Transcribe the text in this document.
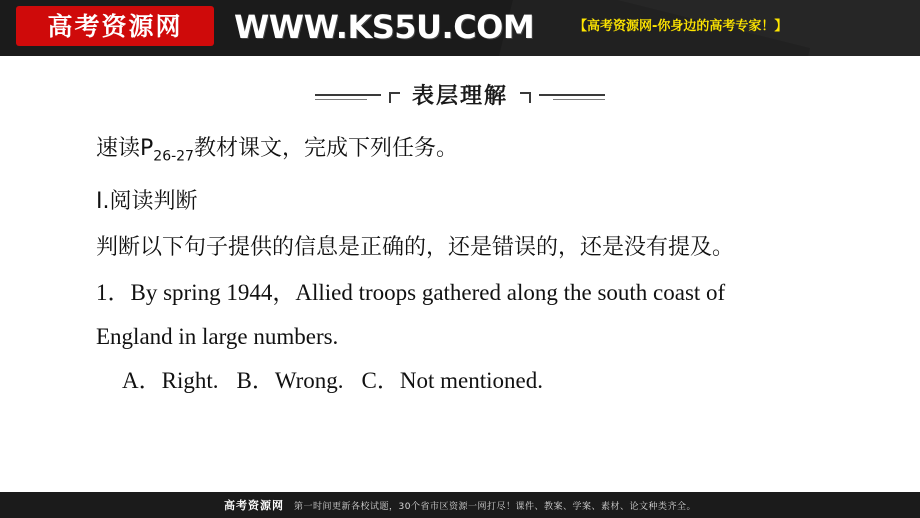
高考资源网 WWW.KS5U.COM	【高考资源网-你身边的高考专家！】
表层理解
速读$P_{26-27}$教材课文，完成下列任务。
Ⅰ.阅读判断
判断以下句子提供的信息是正确的，还是错误的，还是没有提及。
1．By spring 1944，Allied troops gathered along the south coast of
England in large numbers.
A．Right. B．Wrong. C．Not mentioned.
高考资源网 第一时间更新各校试题，30个省市区资源一网打尽！课件、教案、学案、素材、论文种类齐全。
